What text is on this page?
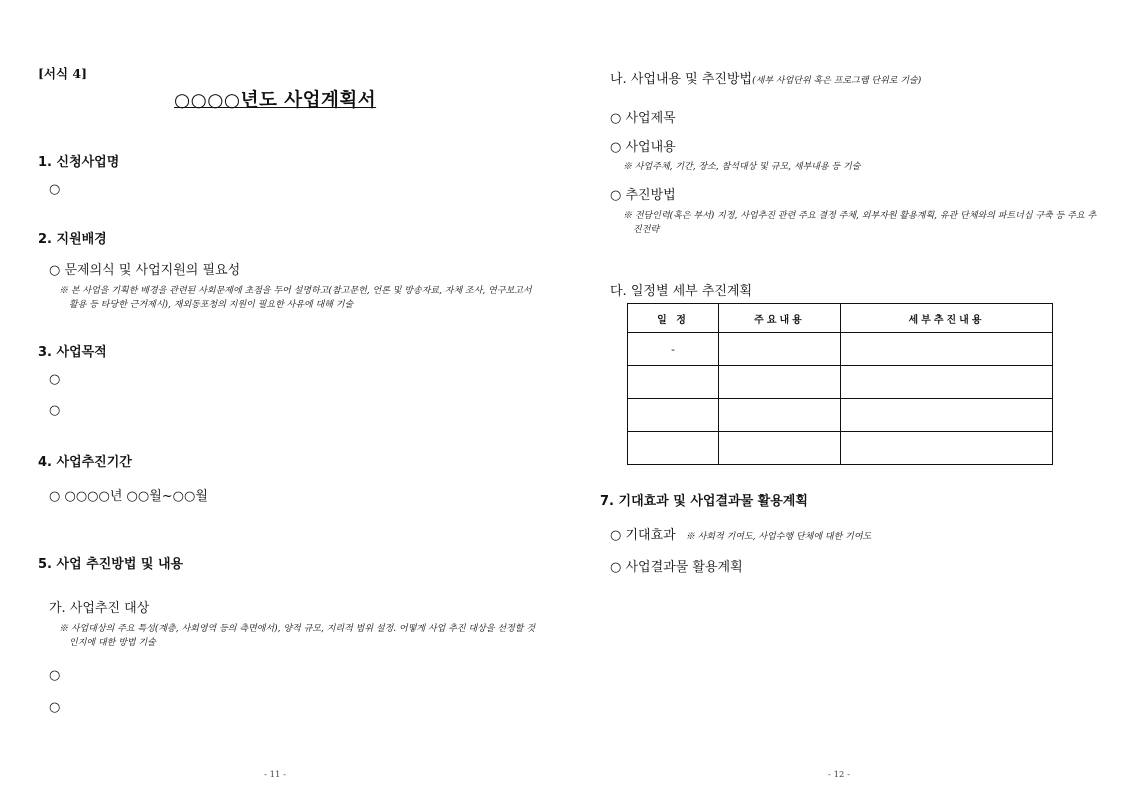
[서식 4]
○○○○년도 사업계획서
1. 신청사업명
○
2. 지원배경
○ 문제의식 및 사업지원의 필요성
※ 본 사업을 기획한 배경을 관련된 사회문제에 초점을 두어 설명하고(참고문헌, 언론 및 방송자료, 자체 조사, 연구보고서 활용 등 타당한 근거제시), 재외동포청의 지원이 필요한 사유에 대해 기술
3. 사업목적
○
○
4. 사업추진기간
○ ○○○○년 ○○월~○○월
5. 사업 추진방법 및 내용
가. 사업추진 대상
※ 사업대상의 주요 특성(계층, 사회영역 등의 측면에서), 양적 규모, 지리적 범위 설정. 어떻게 사업 추진 대상을 선정할 것인지에 대한 방법 기술
○
○
- 11 -
나. 사업내용 및 추진방법(세부 사업단위 혹은 프로그램 단위로 기술)
○ 사업제목
○ 사업내용
※ 사업주체, 기간, 장소, 참석대상 및 규모, 세부내용 등 기술
○ 추진방법
※ 전담인력(혹은 부서) 지정, 사업추진 관련 주요 결정 주체, 외부자원 활용계획, 유관 단체와의 파트너십 구축 등 주요 추진전략
다. 일정별 세부 추진계획
일 정	주요내용	세부추진내용
-		

7. 기대효과 및 사업결과물 활용계획
○ 기대효과 ※ 사회적 기여도, 사업수행 단체에 대한 기여도
○ 사업결과물 활용계획
- 12 -
